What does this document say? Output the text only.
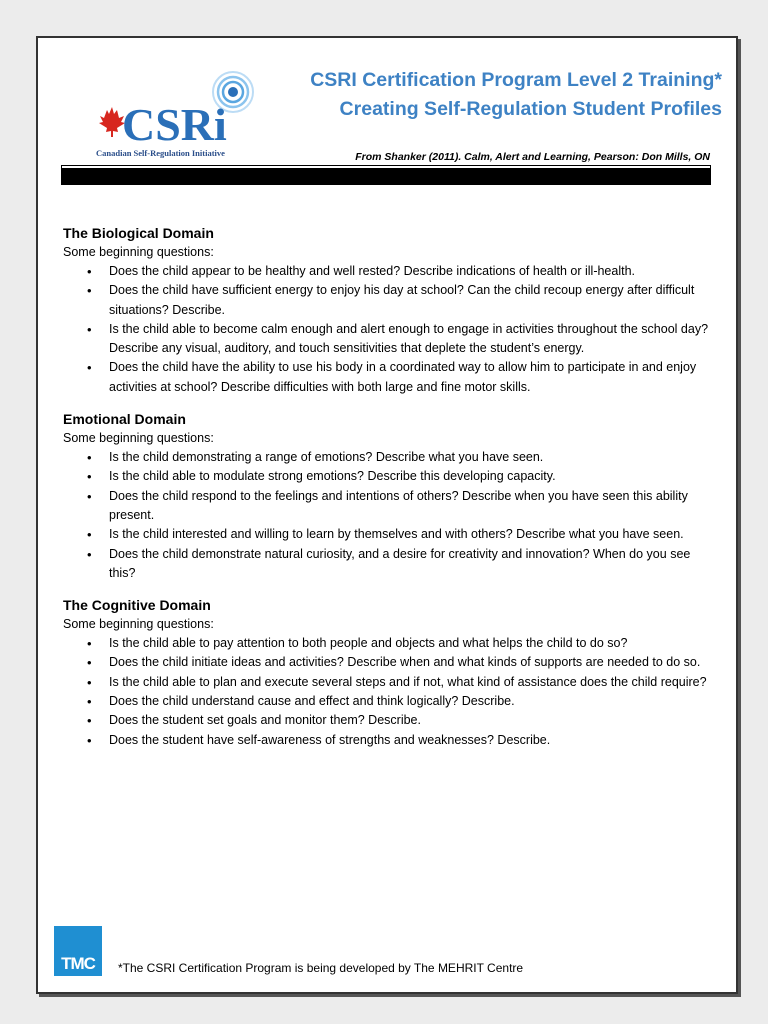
CSRi
Canadian Self-Regulation Initiative
CSRI Certification Program Level 2 Training*
Creating Self-Regulation Student Profiles
From Shanker (2011). Calm, Alert and Learning, Pearson: Don Mills, ON

The Biological Domain

Some beginning questions:

• Does the child appear to be healthy and well rested? Describe indications of health or ill-health.
• Does the child have sufficient energy to enjoy his day at school? Can the child recoup energy after difficult situations? Describe.
• Is the child able to become calm enough and alert enough to engage in activities throughout the school day? Describe any visual, auditory, and touch sensitivities that deplete the student’s energy.
• Does the child have the ability to use his body in a coordinated way to allow him to participate in and enjoy activities at school? Describe difficulties with both large and fine motor skills.

Emotional Domain

Some beginning questions:

• Is the child demonstrating a range of emotions? Describe what you have seen.
• Is the child able to modulate strong emotions? Describe this developing capacity.
• Does the child respond to the feelings and intentions of others? Describe when you have seen this ability present.
• Is the child interested and willing to learn by themselves and with others? Describe what you have seen.
• Does the child demonstrate natural curiosity, and a desire for creativity and innovation? When do you see this?

The Cognitive Domain

Some beginning questions:

• Is the child able to pay attention to both people and objects and what helps the child to do so?
• Does the child initiate ideas and activities? Describe when and what kinds of supports are needed to do so.
• Is the child able to plan and execute several steps and if not, what kind of assistance does the child require?
• Does the child understand cause and effect and think logically? Describe.
• Does the student set goals and monitor them? Describe.
• Does the student have self-awareness of strengths and weaknesses? Describe.
TMC	*The CSRI Certification Program is being developed by The MEHRIT Centre
